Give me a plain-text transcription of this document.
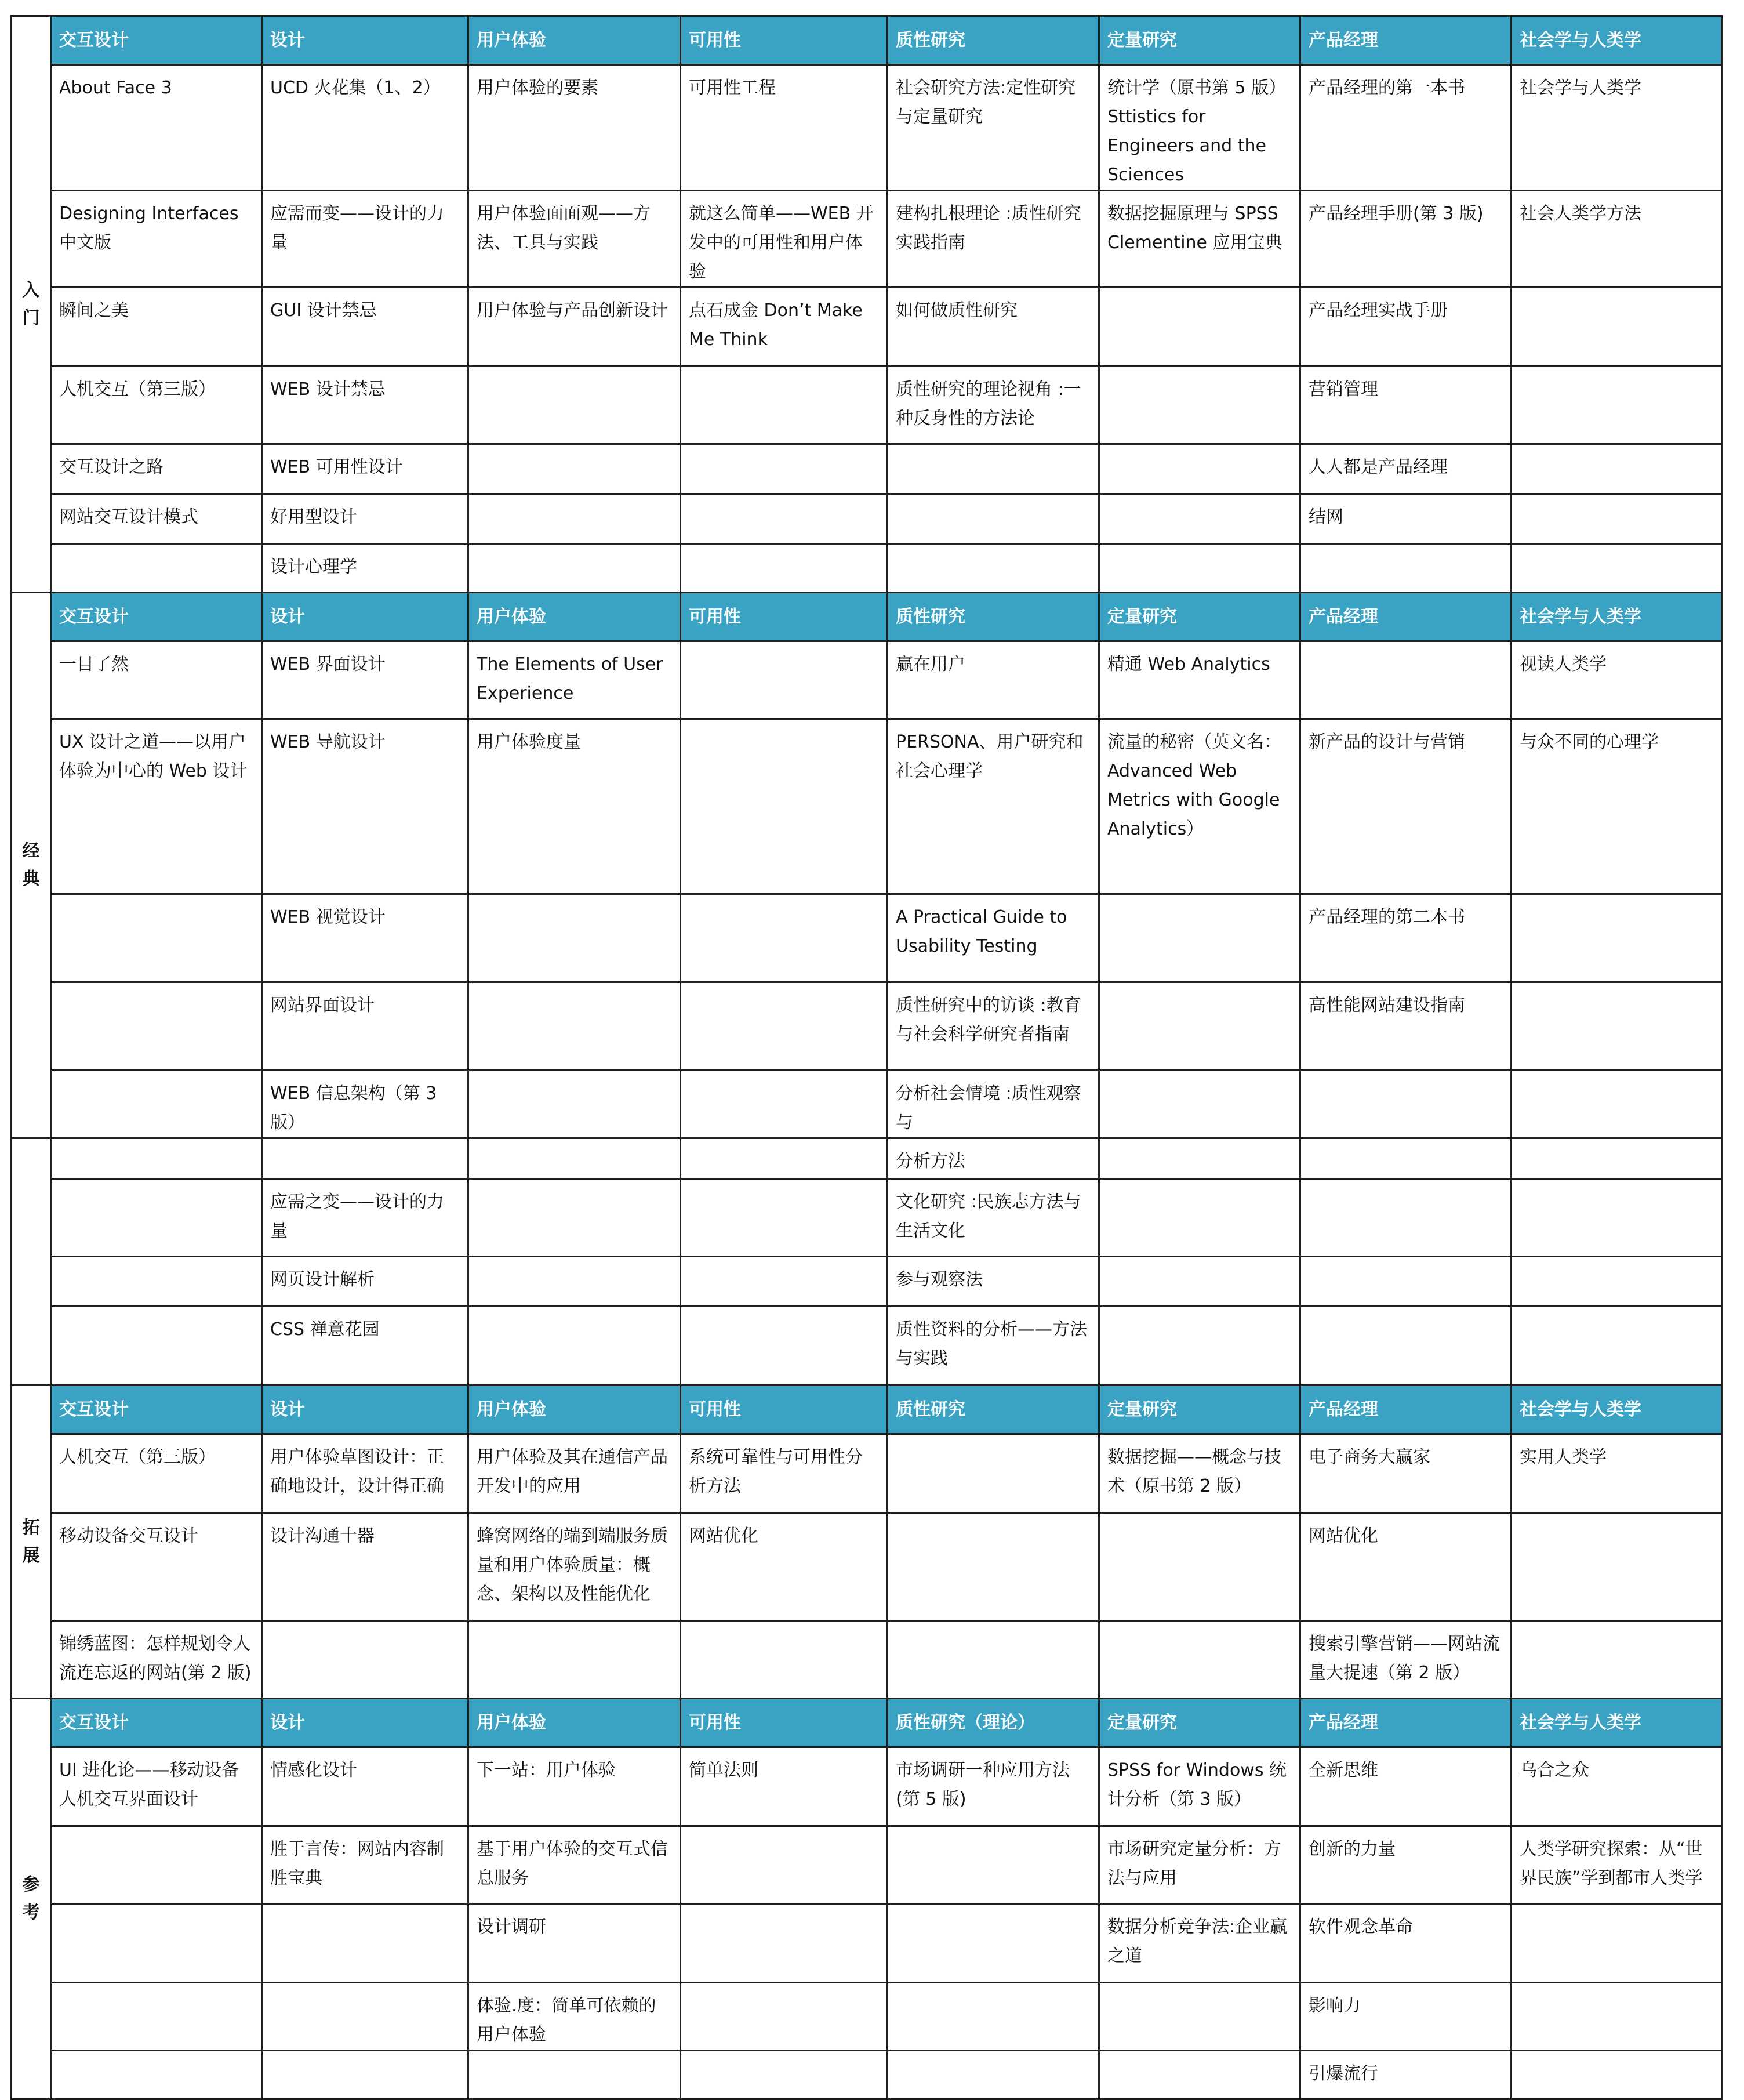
入门	交互设计	设计	用户体验	可用性	质性研究	定量研究	产品经理	社会学与人类学
	About Face 3	UCD 火花集（1、2）	用户体验的要素	可用性工程	社会研究方法:定性研究与定量研究	统计学（原书第 5 版）Sttistics for Engineers and the Sciences	产品经理的第一本书	社会学与人类学
	Designing Interfaces 中文版	应需而变——设计的力量	用户体验面面观——方法、工具与实践	就这么简单——WEB 开发中的可用性和用户体验	建构扎根理论 :质性研究实践指南	数据挖掘原理与 SPSS Clementine 应用宝典	产品经理手册(第 3 版)	社会人类学方法
	瞬间之美	GUI 设计禁忌	用户体验与产品创新设计	点石成金 Don’t Make Me Think	如何做质性研究		产品经理实战手册	
	人机交互（第三版）	WEB 设计禁忌			质性研究的理论视角 :一种反身性的方法论		营销管理	
	交互设计之路	WEB 可用性设计					人人都是产品经理	
	网站交互设计模式	好用型设计					结网	
		设计心理学						
经典	交互设计	设计	用户体验	可用性	质性研究	定量研究	产品经理	社会学与人类学
	一目了然	WEB 界面设计	The Elements of User Experience		赢在用户	精通 Web Analytics		视读人类学
	UX 设计之道——以用户体验为中心的 Web 设计	WEB 导航设计	用户体验度量		PERSONA、用户研究和社会心理学	流量的秘密（英文名：Advanced Web Metrics with Google Analytics）	新产品的设计与营销	与众不同的心理学
		WEB 视觉设计			A Practical Guide to Usability Testing		产品经理的第二本书	
		网站界面设计			质性研究中的访谈 :教育与社会科学研究者指南		高性能网站建设指南	
		WEB 信息架构（第 3 版）			分析社会情境 :质性观察与			
					分析方法			
		应需之变——设计的力量			文化研究 :民族志方法与生活文化			
		网页设计解析			参与观察法			
		CSS 禅意花园			质性资料的分析——方法与实践			
拓展	交互设计	设计	用户体验	可用性	质性研究	定量研究	产品经理	社会学与人类学
	人机交互（第三版）	用户体验草图设计：正确地设计，设计得正确	用户体验及其在通信产品开发中的应用	系统可靠性与可用性分析方法		数据挖掘——概念与技术（原书第 2 版）	电子商务大赢家	实用人类学
	移动设备交互设计	设计沟通十器	蜂窝网络的端到端服务质量和用户体验质量：概念、架构以及性能优化	网站优化			网站优化	
	锦绣蓝图：怎样规划令人流连忘返的网站(第 2 版)						搜索引擎营销——网站流量大提速（第 2 版）	
参考	交互设计	设计	用户体验	可用性	质性研究（理论）	定量研究	产品经理	社会学与人类学
	UI 进化论——移动设备人机交互界面设计	情感化设计	下一站：用户体验	简单法则	市场调研一种应用方法(第 5 版)	SPSS for Windows 统计分析（第 3 版）	全新思维	乌合之众
		胜于言传：网站内容制胜宝典	基于用户体验的交互式信息服务			市场研究定量分析：方法与应用	创新的力量	人类学研究探索：从“世界民族”学到都市人类学
			设计调研			数据分析竞争法:企业赢之道	软件观念革命	
			体验.度：简单可依赖的用户体验				影响力	
							引爆流行	
